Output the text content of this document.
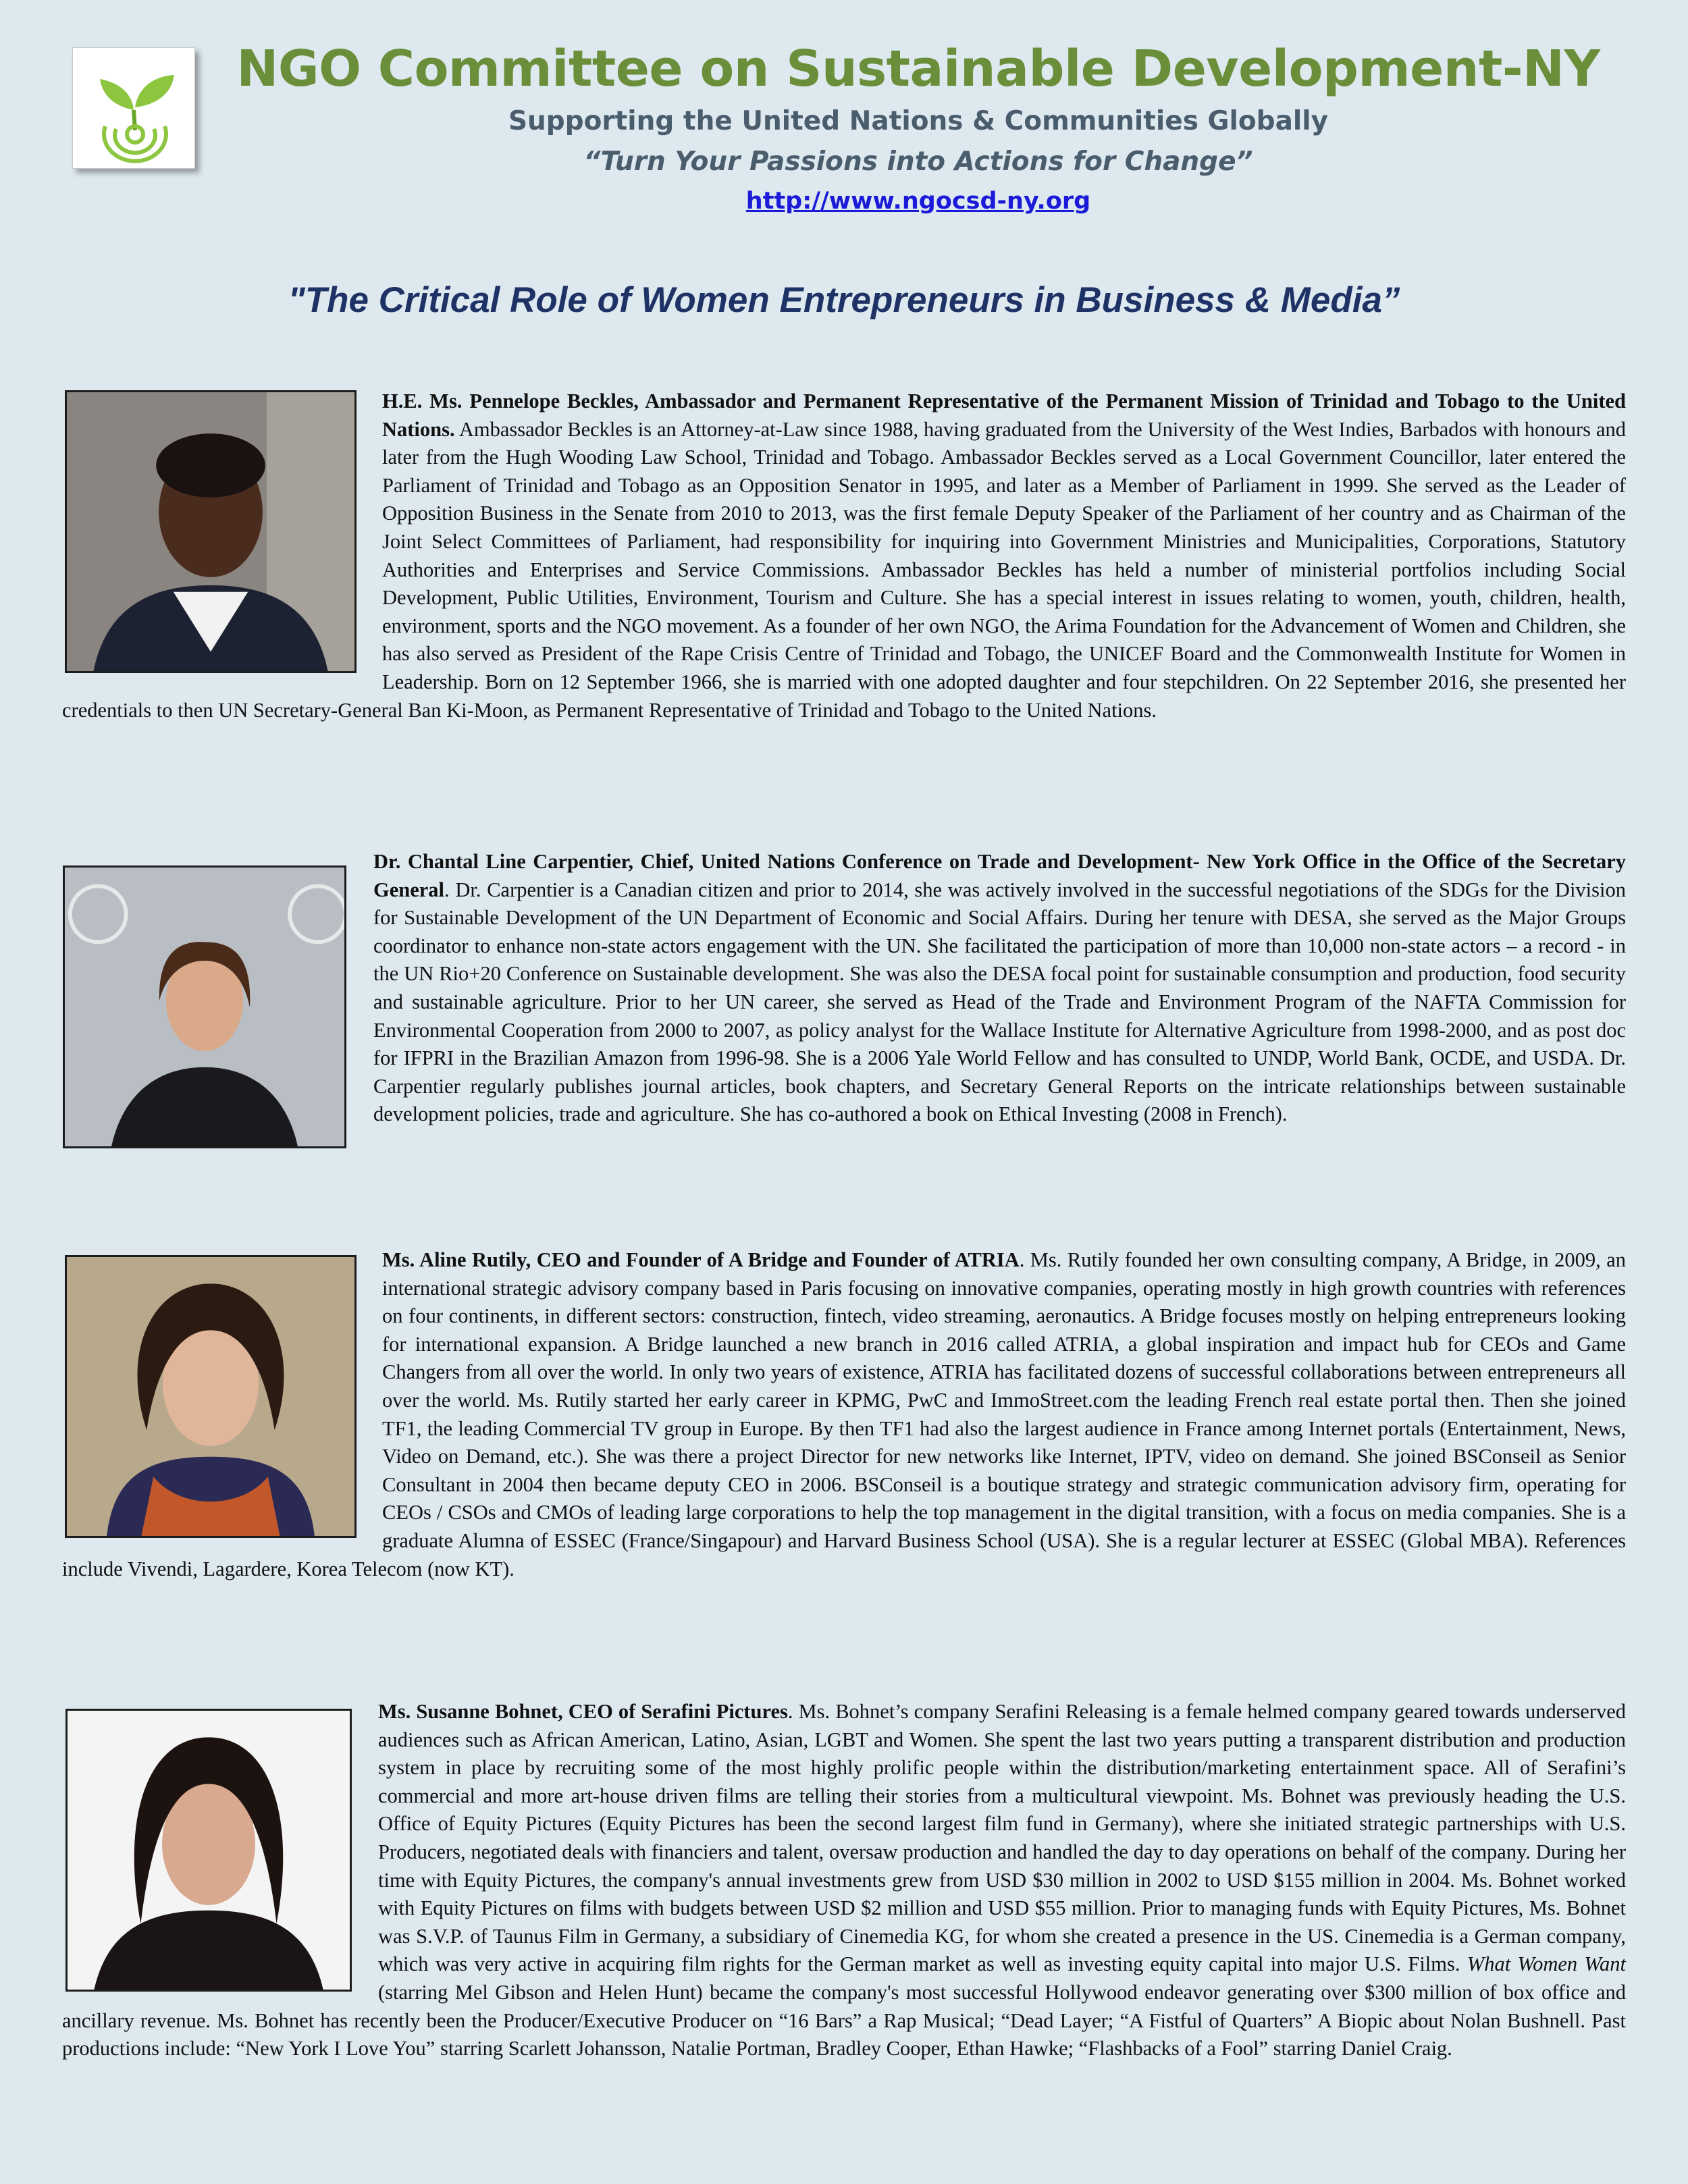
NGO Committee on Sustainable Development-NY
Supporting the United Nations & Communities Globally
“Turn Your Passions into Actions for Change”
http://www.ngocsd-ny.org
"The Critical Role of Women Entrepreneurs in Business & Media”
H.E. Ms. Pennelope Beckles, Ambassador and Permanent Representative of the Permanent Mission of Trinidad and Tobago to the United Nations. Ambassador Beckles is an Attorney-at-Law since 1988, having graduated from the University of the West Indies, Barbados with honours and later from the Hugh Wooding Law School, Trinidad and Tobago. Ambassador Beckles served as a Local Government Councillor, later entered the Parliament of Trinidad and Tobago as an Opposition Senator in 1995, and later as a Member of Parliament in 1999. She served as the Leader of Opposition Business in the Senate from 2010 to 2013, was the first female Deputy Speaker of the Parliament of her country and as Chairman of the Joint Select Committees of Parliament, had responsibility for inquiring into Government Ministries and Municipalities, Corporations, Statutory Authorities and Enterprises and Service Commissions. Ambassador Beckles has held a number of ministerial portfolios including Social Development, Public Utilities, Environment, Tourism and Culture. She has a special interest in issues relating to women, youth, children, health, environment, sports and the NGO movement. As a founder of her own NGO, the Arima Foundation for the Advancement of Women and Children, she has also served as President of the Rape Crisis Centre of Trinidad and Tobago, the UNICEF Board and the Commonwealth Institute for Women in Leadership. Born on 12 September 1966, she is married with one adopted daughter and four stepchildren. On 22 September 2016, she presented her credentials to then UN Secretary-General Ban Ki-Moon, as Permanent Representative of Trinidad and Tobago to the United Nations.
Dr. Chantal Line Carpentier, Chief, United Nations Conference on Trade and Development- New York Office in the Office of the Secretary General. Dr. Carpentier is a Canadian citizen and prior to 2014, she was actively involved in the successful negotiations of the SDGs for the Division for Sustainable Development of the UN Department of Economic and Social Affairs. During her tenure with DESA, she served as the Major Groups coordinator to enhance non-state actors engagement with the UN. She facilitated the participation of more than 10,000 non-state actors – a record - in the UN Rio+20 Conference on Sustainable development. She was also the DESA focal point for sustainable consumption and production, food security and sustainable agriculture. Prior to her UN career, she served as Head of the Trade and Environment Program of the NAFTA Commission for Environmental Cooperation from 2000 to 2007, as policy analyst for the Wallace Institute for Alternative Agriculture from 1998-2000, and as post doc for IFPRI in the Brazilian Amazon from 1996-98. She is a 2006 Yale World Fellow and has consulted to UNDP, World Bank, OCDE, and USDA. Dr. Carpentier regularly publishes journal articles, book chapters, and Secretary General Reports on the intricate relationships between sustainable development policies, trade and agriculture. She has co-authored a book on Ethical Investing (2008 in French).
Ms. Aline Rutily, CEO and Founder of A Bridge and Founder of ATRIA. Ms. Rutily founded her own consulting company, A Bridge, in 2009, an international strategic advisory company based in Paris focusing on innovative companies, operating mostly in high growth countries with references on four continents, in different sectors: construction, fintech, video streaming, aeronautics. A Bridge focuses mostly on helping entrepreneurs looking for international expansion. A Bridge launched a new branch in 2016 called ATRIA, a global inspiration and impact hub for CEOs and Game Changers from all over the world. In only two years of existence, ATRIA has facilitated dozens of successful collaborations between entrepreneurs all over the world. Ms. Rutily started her early career in KPMG, PwC and ImmoStreet.com the leading French real estate portal then. Then she joined TF1, the leading Commercial TV group in Europe. By then TF1 had also the largest audience in France among Internet portals (Entertainment, News, Video on Demand, etc.). She was there a project Director for new networks like Internet, IPTV, video on demand. She joined BSConseil as Senior Consultant in 2004 then became deputy CEO in 2006. BSConseil is a boutique strategy and strategic communication advisory firm, operating for CEOs / CSOs and CMOs of leading large corporations to help the top management in the digital transition, with a focus on media companies. She is a graduate Alumna of ESSEC (France/Singapour) and Harvard Business School (USA). She is a regular lecturer at ESSEC (Global MBA). References include Vivendi, Lagardere, Korea Telecom (now KT).
Ms. Susanne Bohnet, CEO of Serafini Pictures. Ms. Bohnet’s company Serafini Releasing is a female helmed company geared towards underserved audiences such as African American, Latino, Asian, LGBT and Women. She spent the last two years putting a transparent distribution and production system in place by recruiting some of the most highly prolific people within the distribution/marketing entertainment space. All of Serafini’s commercial and more art-house driven films are telling their stories from a multicultural viewpoint. Ms. Bohnet was previously heading the U.S. Office of Equity Pictures (Equity Pictures has been the second largest film fund in Germany), where she initiated strategic partnerships with U.S. Producers, negotiated deals with financiers and talent, oversaw production and handled the day to day operations on behalf of the company. During her time with Equity Pictures, the company's annual investments grew from USD $30 million in 2002 to USD $155 million in 2004. Ms. Bohnet worked with Equity Pictures on films with budgets between USD $2 million and USD $55 million. Prior to managing funds with Equity Pictures, Ms. Bohnet was S.V.P. of Taunus Film in Germany, a subsidiary of Cinemedia KG, for whom she created a presence in the US. Cinemedia is a German company, which was very active in acquiring film rights for the German market as well as investing equity capital into major U.S. Films. What Women Want (starring Mel Gibson and Helen Hunt) became the company's most successful Hollywood endeavor generating over $300 million of box office and ancillary revenue. Ms. Bohnet has recently been the Producer/Executive Producer on “16 Bars” a Rap Musical; “Dead Layer; “A Fistful of Quarters” A Biopic about Nolan Bushnell. Past productions include: “New York I Love You” starring Scarlett Johansson, Natalie Portman, Bradley Cooper, Ethan Hawke; “Flashbacks of a Fool” starring Daniel Craig.
